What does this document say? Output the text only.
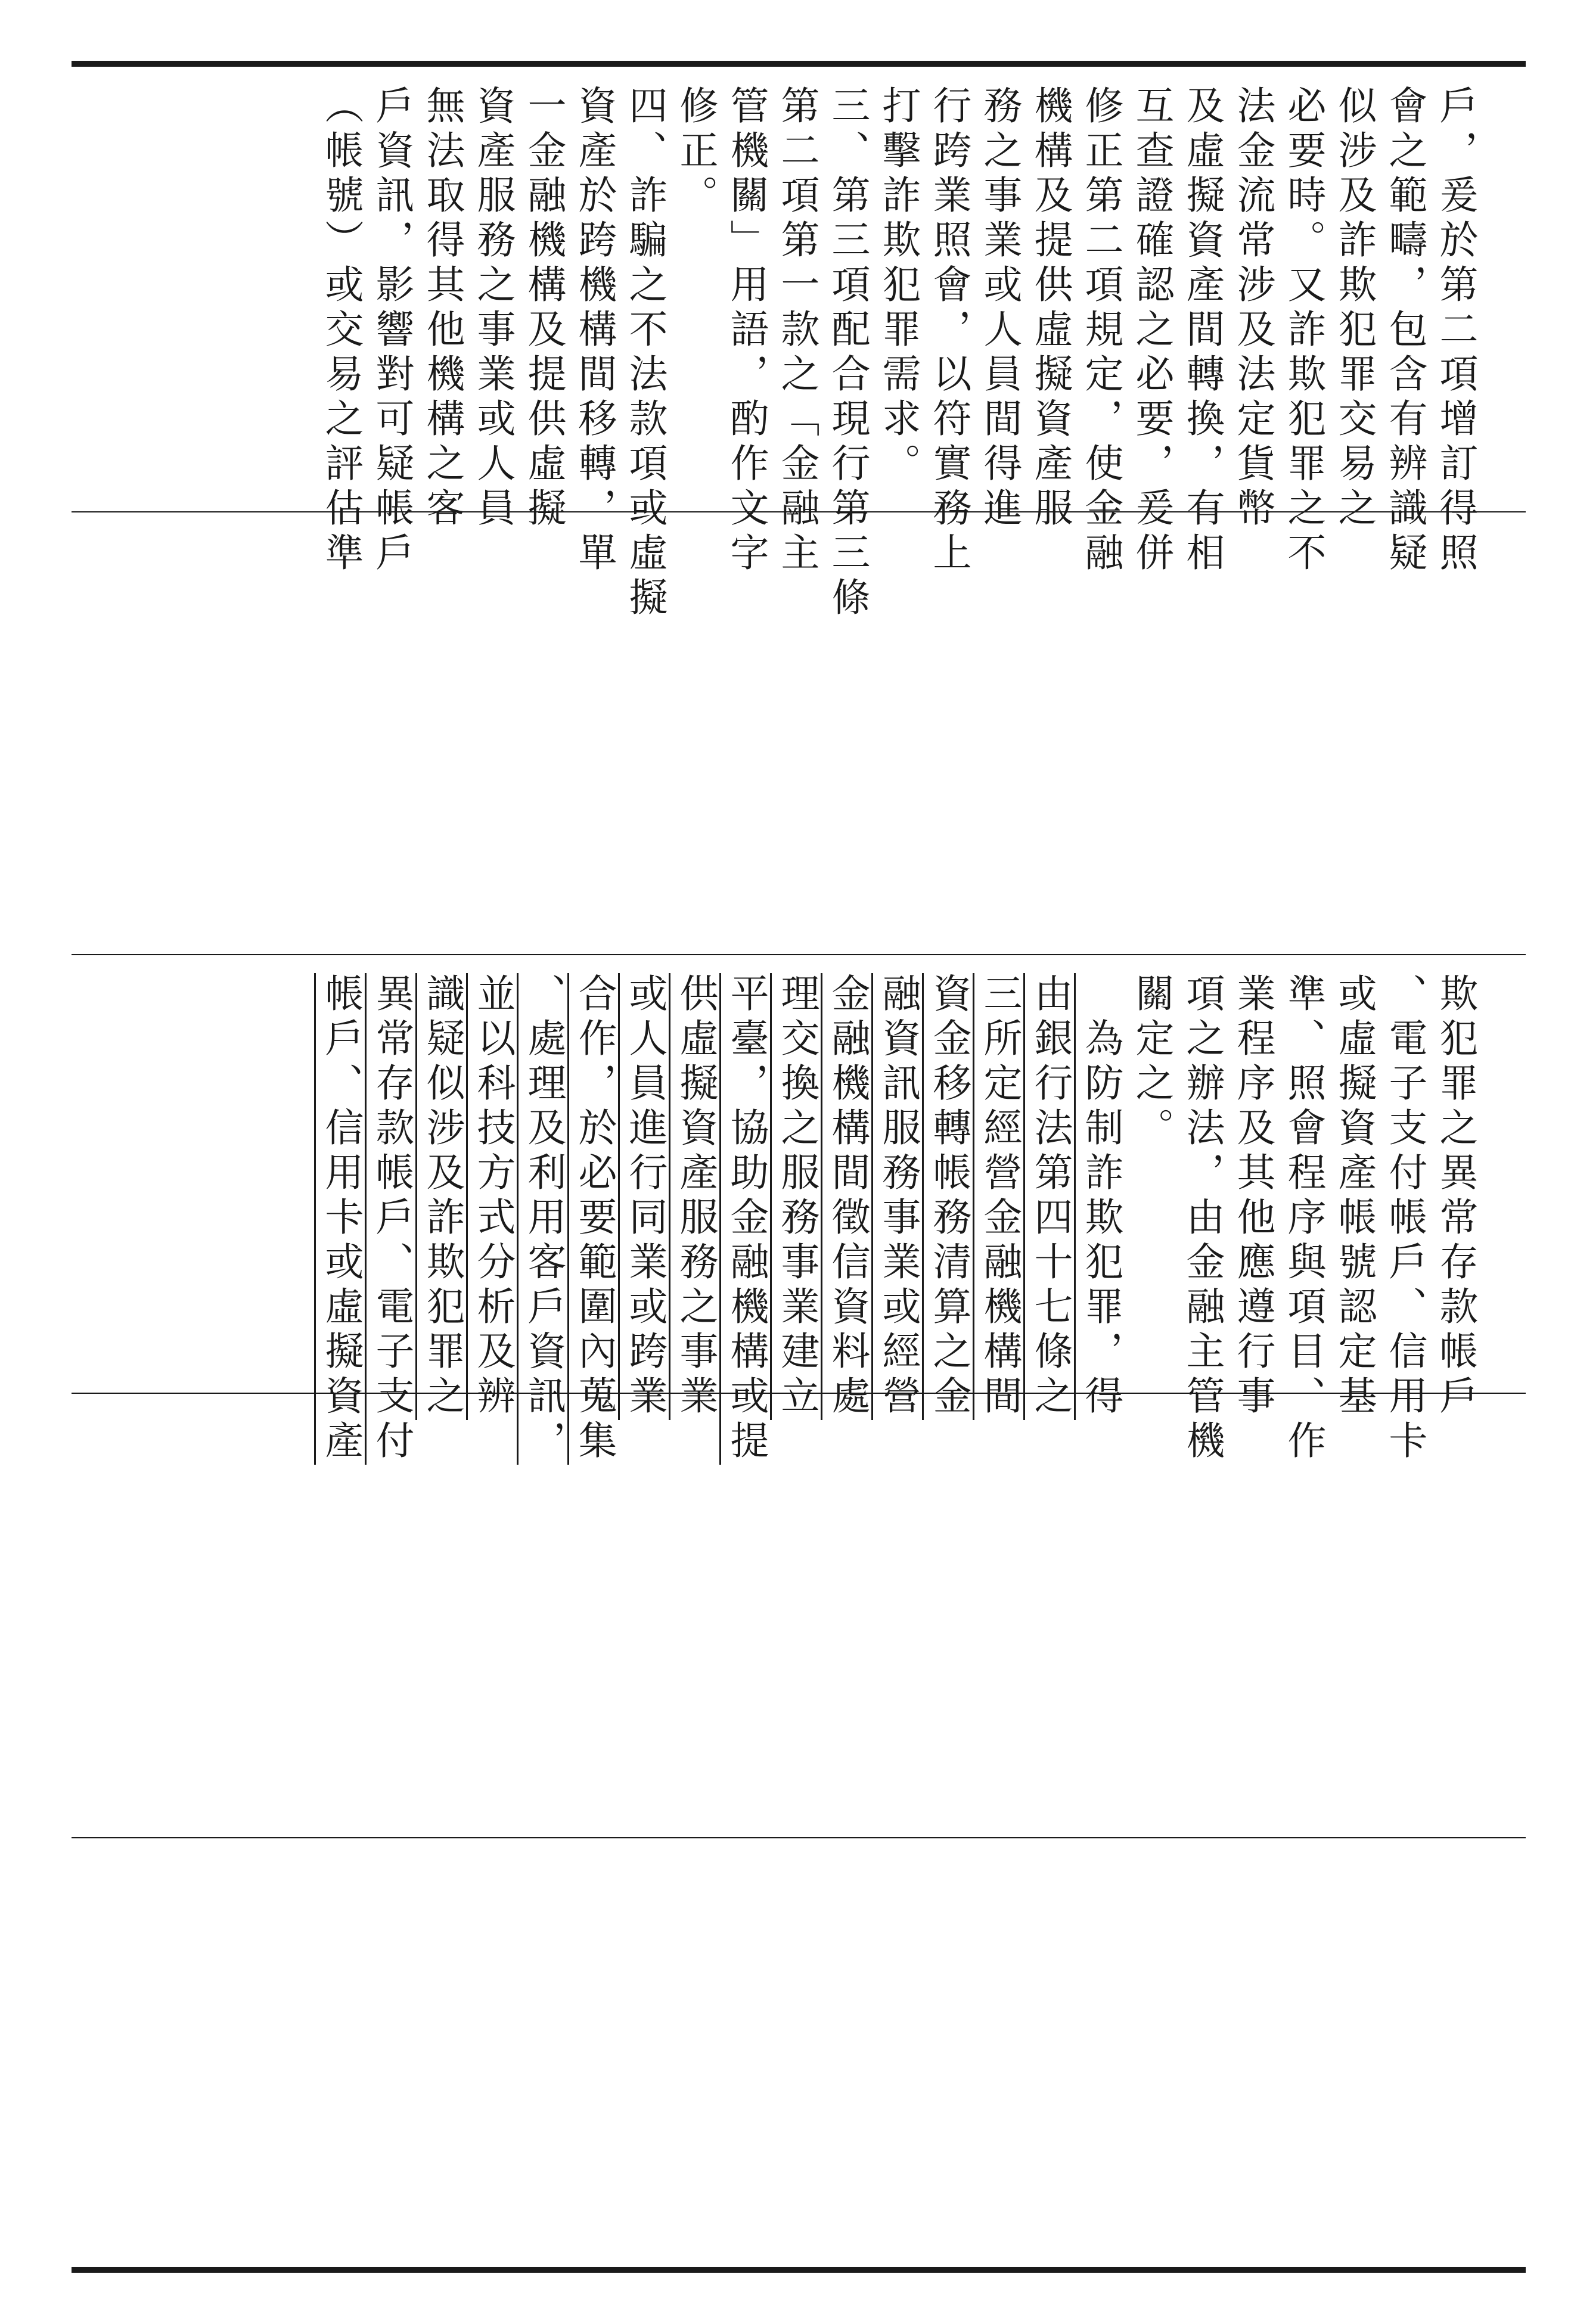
戶，爰於第二項增訂得照
會之範疇，包含有辨識疑
似涉及詐欺犯罪交易之
必要時。又詐欺犯罪之不
法金流常涉及法定貨幣
及虛擬資產間轉換，有相
互查證確認之必要，爰併
修正第二項規定，使金融
機構及提供虛擬資產服
務之事業或人員間得進
行跨業照會，以符實務上
打擊詐欺犯罪需求。
三、第三項配合現行第三條
第二項第一款之「金融主
管機關」用語，酌作文字
修正。
四、詐騙之不法款項或虛擬
資產於跨機構間移轉，單
一金融機構及提供虛擬
資產服務之事業或人員
無法取得其他機構之客
戶資訊，影響對可疑帳戶
（帳號）或交易之評估準
欺犯罪之異常存款帳戶
、電子支付帳戶、信用卡
或虛擬資產帳號認定基
準、照會程序與項目、作
業程序及其他應遵行事
項之辦法，由金融主管機
關定之。
　為防制詐欺犯罪，得
由銀行法第四十七條之
三所定經營金融機構間
資金移轉帳務清算之金
融資訊服務事業或經營
金融機構間徵信資料處
理交換之服務事業建立
平臺，協助金融機構或提
供虛擬資產服務之事業
或人員進行同業或跨業
合作，於必要範圍內蒐集
、處理及利用客戶資訊，
並以科技方式分析及辨
識疑似涉及詐欺犯罪之
異常存款帳戶、電子支付
帳戶、信用卡或虛擬資產
